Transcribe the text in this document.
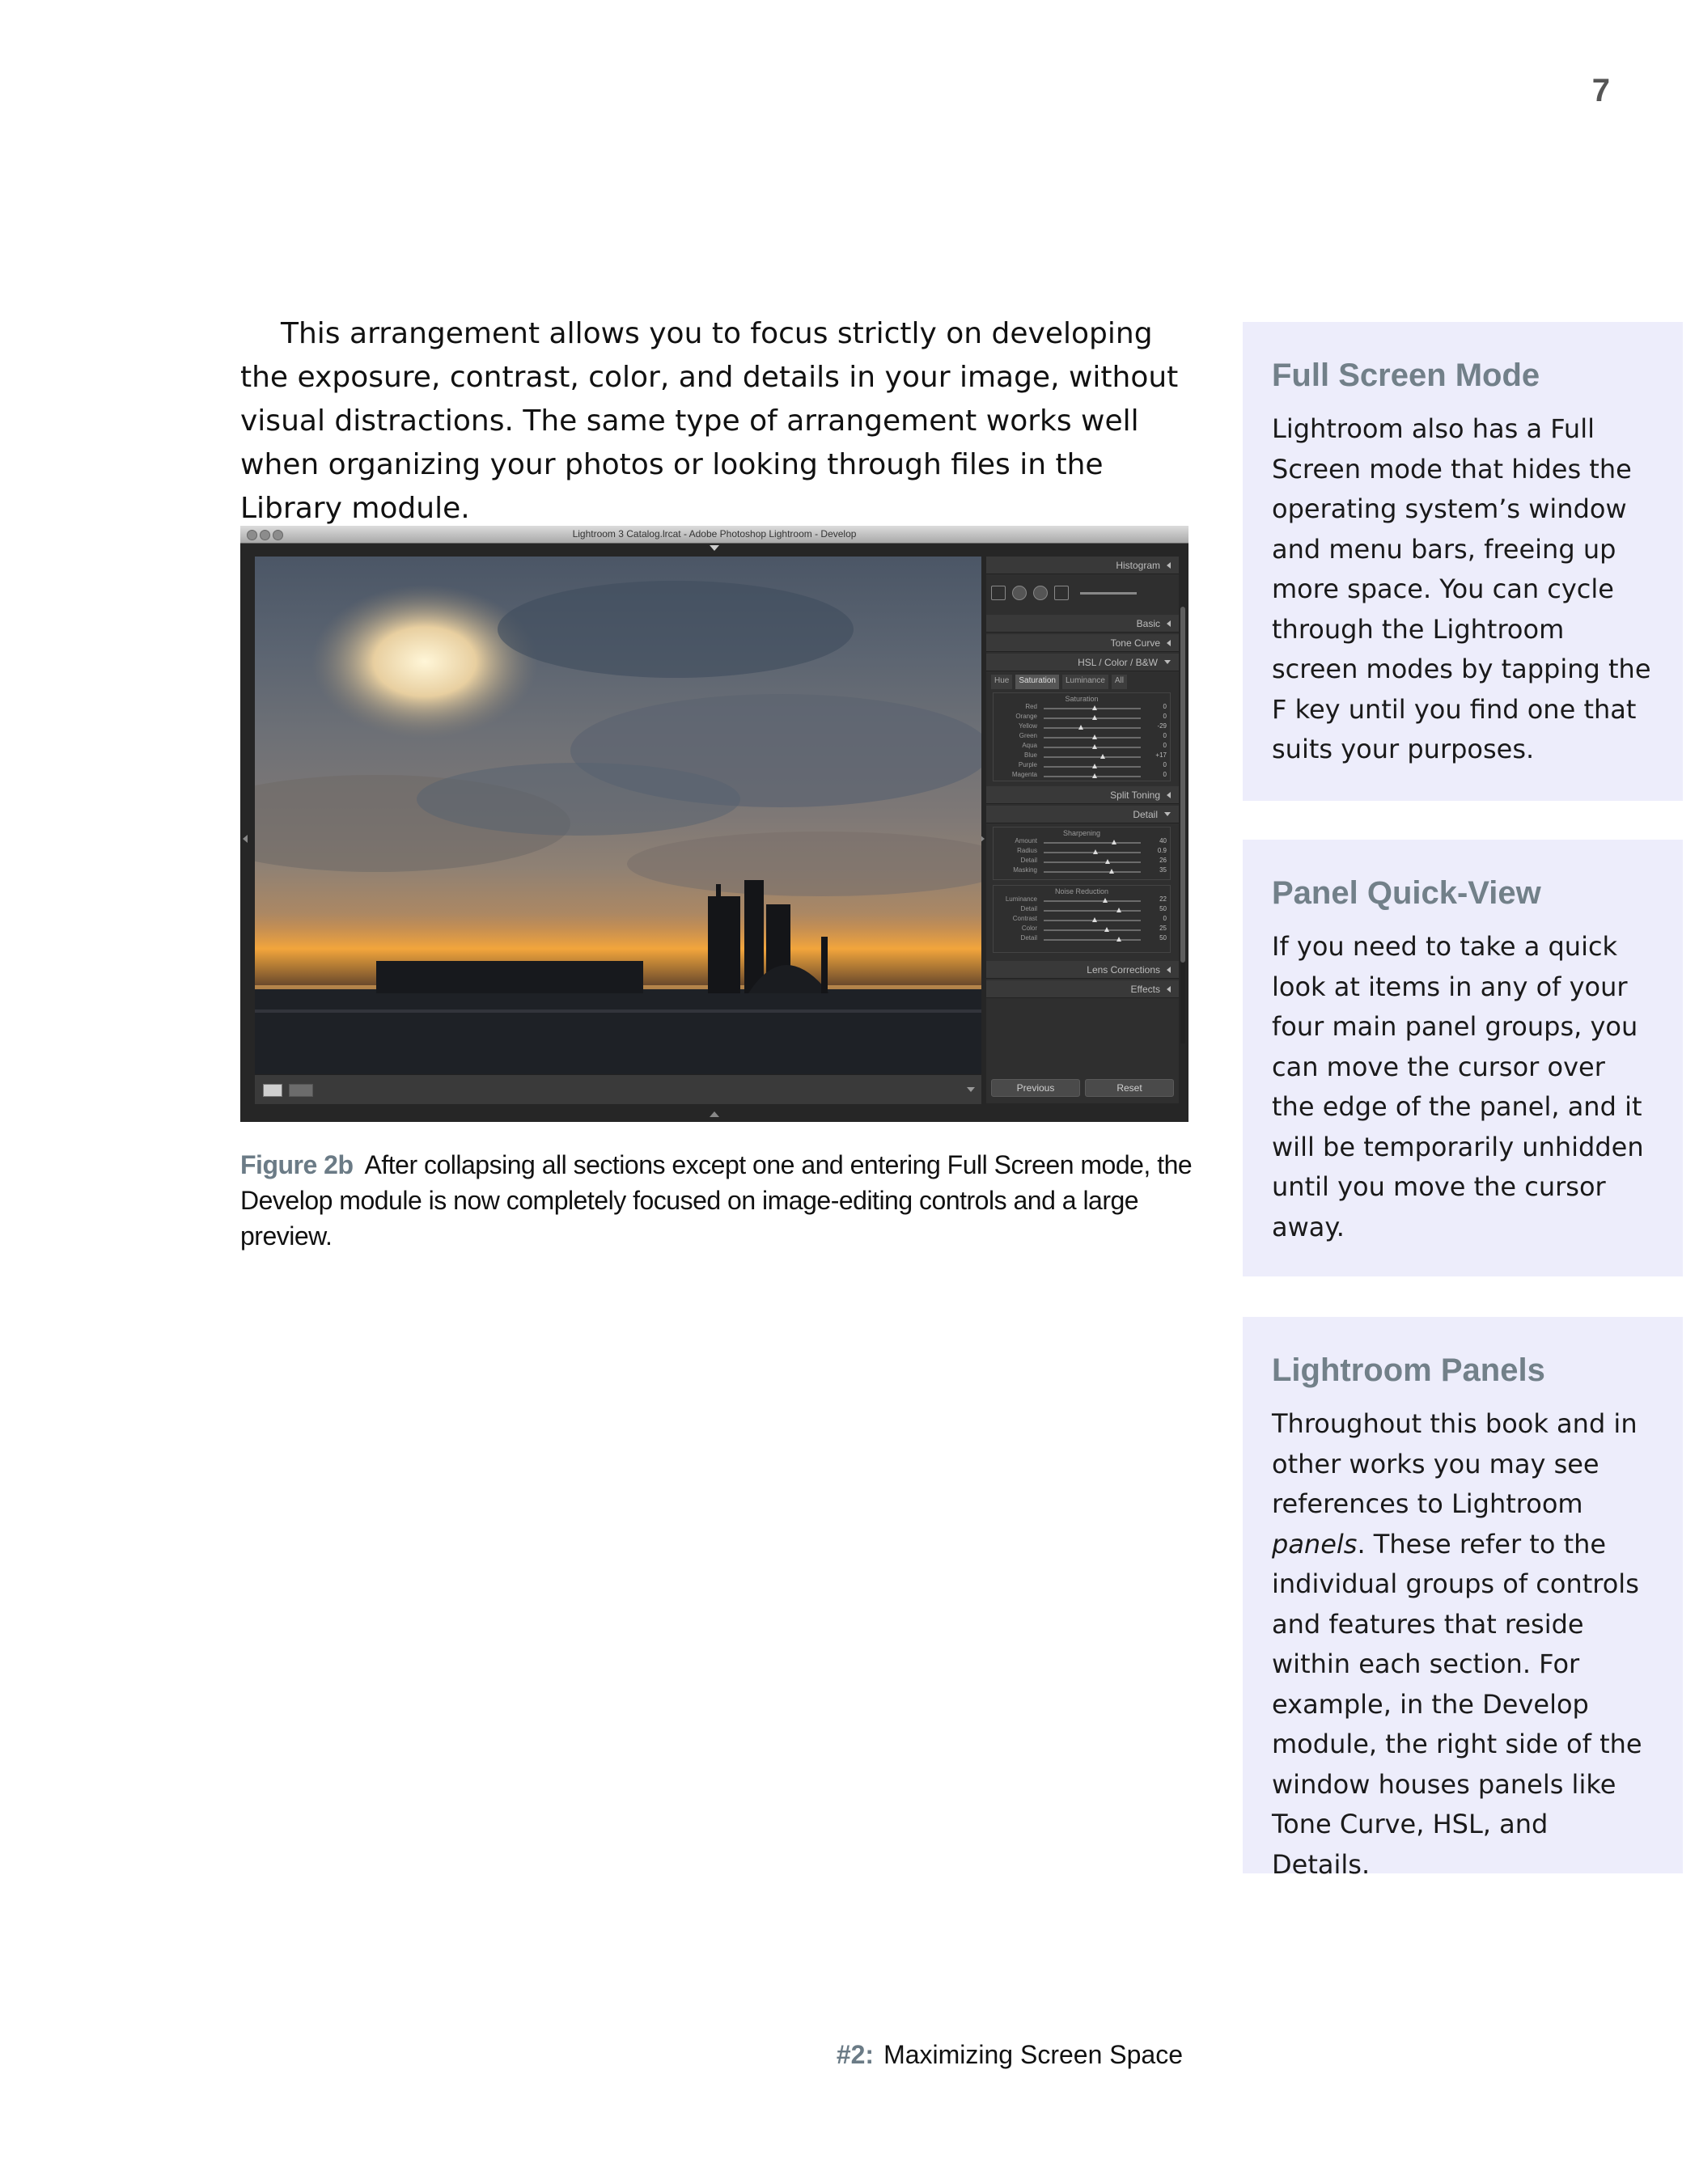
7

This arrangement allows you to focus strictly on developing the exposure, contrast, color, and details in your image, without visual distractions. The same type of arrangement works well when organizing your photos or looking through files in the Library module.

Lightroom 3 Catalog.lrcat - Adobe Photoshop Lightroom - Develop
Histogram
Basic
Tone Curve
HSL / Color / B&W
Hue	Saturation	Luminance	All
Saturation
Red	0
Orange	0
Yellow	-29
Green	0
Aqua	0
Blue	+17
Purple	0
Magenta	0
Split Toning
Detail
Sharpening
Amount	40
Radius	0.9
Detail	26
Masking	35
Noise Reduction
Luminance	22
Detail	50
Contrast	0
Color	25
Detail	50
Lens Corrections
Effects
Previous	Reset

Figure 2b After collapsing all sections except one and entering Full Screen mode, the Develop module is now completely focused on image-editing controls and a large preview.

Full Screen Mode

Lightroom also has a Full Screen mode that hides the operating system’s window and menu bars, freeing up more space. You can cycle through the Lightroom screen modes by tapping the F key until you find one that suits your purposes.

Panel Quick-View

If you need to take a quick look at items in any of your four main panel groups, you can move the cursor over the edge of the panel, and it will be temporarily unhidden until you move the cursor away.

Lightroom Panels

Throughout this book and in other works you may see references to Lightroom panels. These refer to the individual groups of controls and features that reside within each section. For example, in the Develop module, the right side of the window houses panels like Tone Curve, HSL, and Details.

#2: Maximizing Screen Space
